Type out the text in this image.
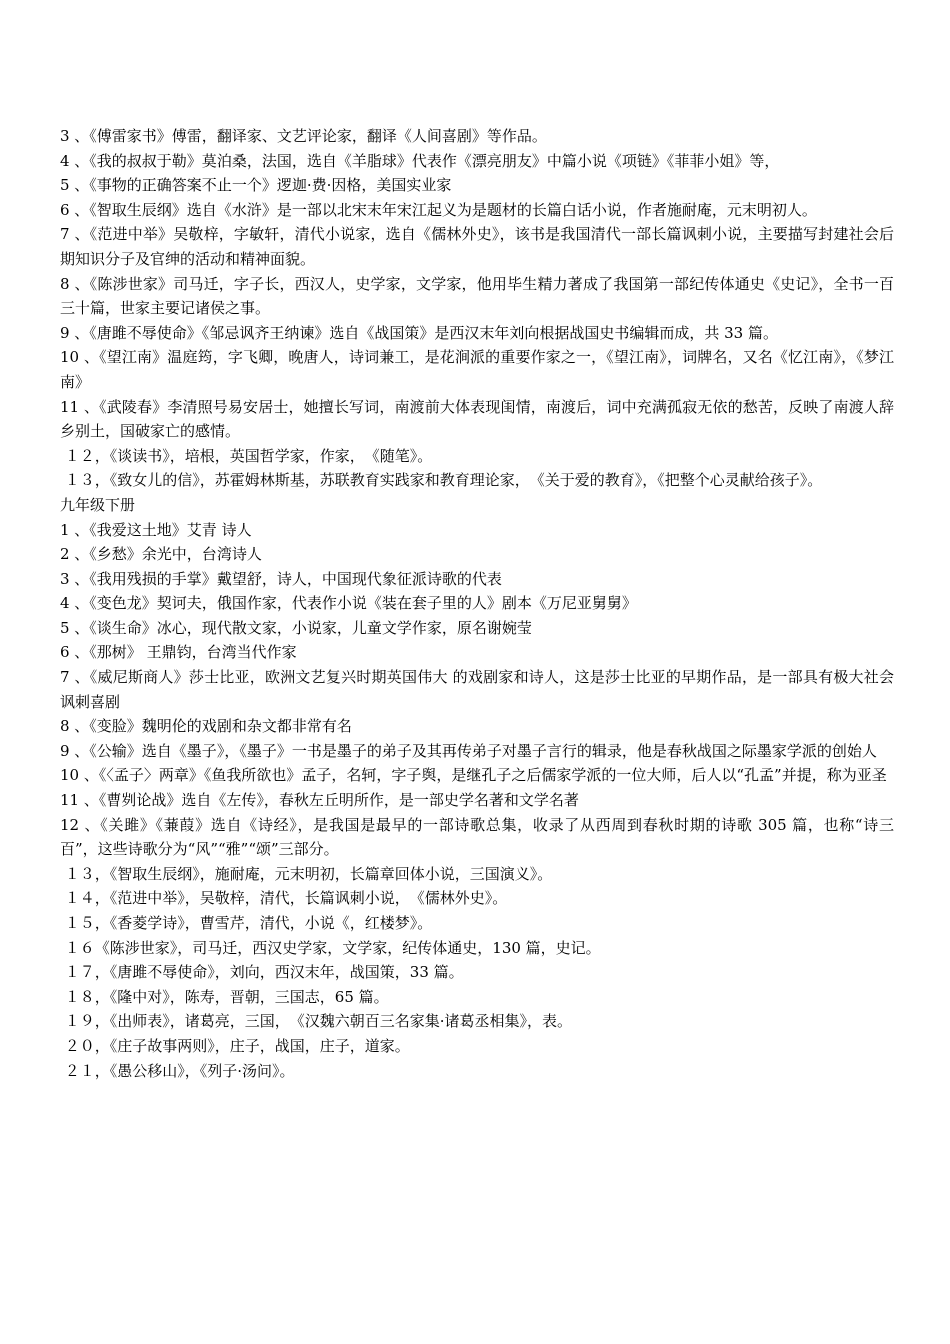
3 、《傅雷家书》傅雷，翻译家、文艺评论家，翻译《人间喜剧》等作品。
4 、《我的叔叔于勒》莫泊桑，法国，选自《羊脂球》代表作《漂亮朋友》中篇小说《项链》《菲菲小姐》等，
5 、《事物的正确答案不止一个》逻迦·费·因格，美国实业家
6 、《智取生辰纲》选自《水浒》是一部以北宋末年宋江起义为是题材的长篇白话小说，作者施耐庵，元末明初人。
7 、《范进中举》吴敬梓，字敏轩，清代小说家，选自《儒林外史》，该书是我国清代一部长篇讽刺小说，主要描写封建社会后期知识分子及官绅的活动和精神面貌。
8 、《陈涉世家》司马迁，字子长，西汉人，史学家，文学家，他用毕生精力著成了我国第一部纪传体通史《史记》，全书一百三十篇，世家主要记诸侯之事。
9 、《唐雎不辱使命》《邹忌讽齐王纳谏》选自《战国策》是西汉末年刘向根据战国史书编辑而成，共 33 篇。
10 、《望江南》温庭筠，字飞卿，晚唐人，诗词兼工，是花涧派的重要作家之一，《望江南》，词牌名，又名《忆江南》，《梦江南》
11 、《武陵春》李清照号易安居士，她擅长写词，南渡前大体表现闺情，南渡后，词中充满孤寂无依的愁苦，反映了南渡人辞乡别土，国破家亡的感情。
１２，《谈读书》，培根，英国哲学家，作家，　《随笔》。
１３，《致女儿的信》，苏霍姆林斯基，苏联教育实践家和教育理论家，　《关于爱的教育》，《把整个心灵献给孩子》。
九年级下册
1 、《我爱这土地》艾青 诗人
2 、《乡愁》余光中，台湾诗人
3 、《我用残损的手掌》戴望舒，诗人，中国现代象征派诗歌的代表
4 、《变色龙》契诃夫，俄国作家，代表作小说《装在套子里的人》剧本《万尼亚舅舅》
5 、《谈生命》冰心，现代散文家，小说家，儿童文学作家，原名谢婉莹
6 、《那树》 王鼎钧，台湾当代作家
7 、《威尼斯商人》莎士比亚，欧洲文艺复兴时期英国伟大 的戏剧家和诗人，这是莎士比亚的早期作品，是一部具有极大社会讽刺喜剧
8 、《变脸》魏明伦的戏剧和杂文都非常有名
9 、《公输》选自《墨子》，《墨子》一书是墨子的弟子及其再传弟子对墨子言行的辑录，他是春秋战国之际墨家学派的创始人
10 、《〈孟子〉两章》《鱼我所欲也》孟子，名轲，字子舆，是继孔子之后儒家学派的一位大师，后人以“孔孟”并提，称为亚圣
11 、《曹刿论战》选自《左传》，春秋左丘明所作，是一部史学名著和文学名著
12 、《关雎》《蒹葭》选自《诗经》，是我国是最早的一部诗歌总集，收录了从西周到春秋时期的诗歌 305 篇，也称“诗三百”，这些诗歌分为“风”“雅”“颂”三部分。
１３，《智取生辰纲》，施耐庵，元末明初，长篇章回体小说，三国演义》。
１４，《范进中举》，吴敬梓，清代，长篇讽刺小说，　《儒林外史》。
１５，《香菱学诗》，曹雪芹，清代，小说《，红楼梦》。
１６《陈涉世家》，司马迁，西汉史学家，文学家，纪传体通史，130 篇，史记。
１７，《唐雎不辱使命》，刘向，西汉末年，战国策，33 篇。
１８，《隆中对》，陈寿，晋朝，三国志，65 篇。
１９，《出师表》，诸葛亮，三国，　《汉魏六朝百三名家集·诸葛丞相集》，表。
２０，《庄子故事两则》，庄子，战国，庄子，道家。
２１，《愚公移山》，《列子·汤问》。
